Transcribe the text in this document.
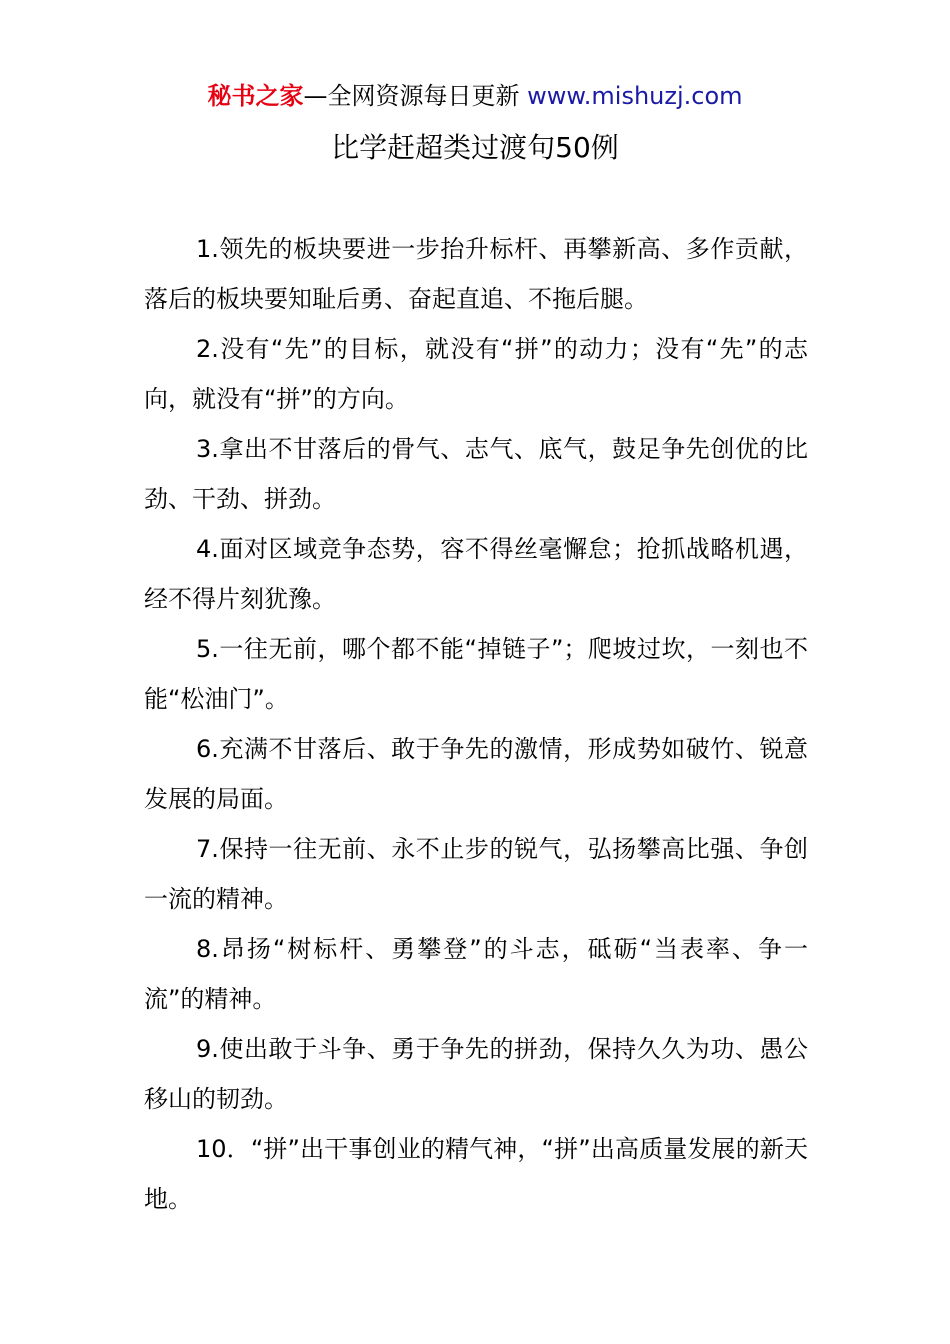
秘书之家—全网资源每日更新 www.mishuzj.com
比学赶超类过渡句50例

1.领先的板块要进一步抬升标杆、再攀新高、多作贡献，落后的板块要知耻后勇、奋起直追、不拖后腿。

2.没有“先”的目标，就没有“拼”的动力；没有“先”的志向，就没有“拼”的方向。

3.拿出不甘落后的骨气、志气、底气，鼓足争先创优的比劲、干劲、拼劲。

4.面对区域竞争态势，容不得丝毫懈怠；抢抓战略机遇，经不得片刻犹豫。

5.一往无前，哪个都不能“掉链子”；爬坡过坎，一刻也不能“松油门”。

6.充满不甘落后、敢于争先的激情，形成势如破竹、锐意发展的局面。

7.保持一往无前、永不止步的锐气，弘扬攀高比强、争创一流的精神。

8.昂扬“树标杆、勇攀登”的斗志，砥砺“当表率、争一流”的精神。

9.使出敢于斗争、勇于争先的拼劲，保持久久为功、愚公移山的韧劲。

10．“拼”出干事创业的精气神，“拼”出高质量发展的新天地。
